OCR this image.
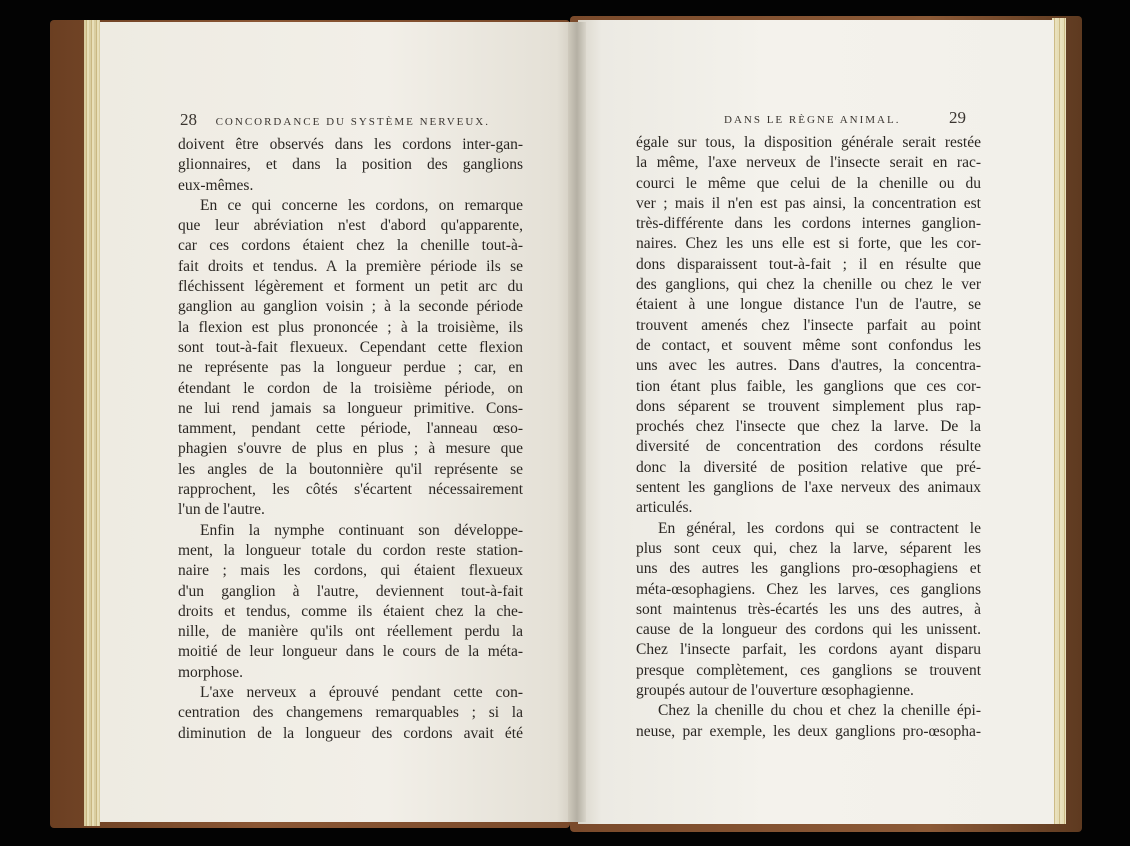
28 CONCORDANCE DU SYSTÈME NERVEUX.
doivent être observés dans les cordons inter-gan-
glionnaires, et dans la position des ganglions
eux-mêmes.
En ce qui concerne les cordons, on remarque
que leur abréviation n'est d'abord qu'apparente,
car ces cordons étaient chez la chenille tout-à-
fait droits et tendus. A la première période ils se
fléchissent légèrement et forment un petit arc du
ganglion au ganglion voisin ; à la seconde période
la flexion est plus prononcée ; à la troisième, ils
sont tout-à-fait flexueux. Cependant cette flexion
ne représente pas la longueur perdue ; car, en
étendant le cordon de la troisième période, on
ne lui rend jamais sa longueur primitive. Cons-
tamment, pendant cette période, l'anneau œso-
phagien s'ouvre de plus en plus ; à mesure que
les angles de la boutonnière qu'il représente se
rapprochent, les côtés s'écartent nécessairement
l'un de l'autre.
Enfin la nymphe continuant son développe-
ment, la longueur totale du cordon reste station-
naire ; mais les cordons, qui étaient flexueux
d'un ganglion à l'autre, deviennent tout-à-fait
droits et tendus, comme ils étaient chez la che-
nille, de manière qu'ils ont réellement perdu la
moitié de leur longueur dans le cours de la méta-
morphose.
L'axe nerveux a éprouvé pendant cette con-
centration des changemens remarquables ; si la
diminution de la longueur des cordons avait été
DANS LE RÈGNE ANIMAL.	29
égale sur tous, la disposition générale serait restée
la même, l'axe nerveux de l'insecte serait en rac-
courci le même que celui de la chenille ou du
ver ; mais il n'en est pas ainsi, la concentration est
très-différente dans les cordons internes ganglion-
naires. Chez les uns elle est si forte, que les cor-
dons disparaissent tout-à-fait ; il en résulte que
des ganglions, qui chez la chenille ou chez le ver
étaient à une longue distance l'un de l'autre, se
trouvent amenés chez l'insecte parfait au point
de contact, et souvent même sont confondus les
uns avec les autres. Dans d'autres, la concentra-
tion étant plus faible, les ganglions que ces cor-
dons séparent se trouvent simplement plus rap-
prochés chez l'insecte que chez la larve. De la
diversité de concentration des cordons résulte
donc la diversité de position relative que pré-
sentent les ganglions de l'axe nerveux des animaux
articulés.
En général, les cordons qui se contractent le
plus sont ceux qui, chez la larve, séparent les
uns des autres les ganglions pro-œsophagiens et
méta-œsophagiens. Chez les larves, ces ganglions
sont maintenus très-écartés les uns des autres, à
cause de la longueur des cordons qui les unissent.
Chez l'insecte parfait, les cordons ayant disparu
presque complètement, ces ganglions se trouvent
groupés autour de l'ouverture œsophagienne.
Chez la chenille du chou et chez la chenille épi-
neuse, par exemple, les deux ganglions pro-œsopha-
